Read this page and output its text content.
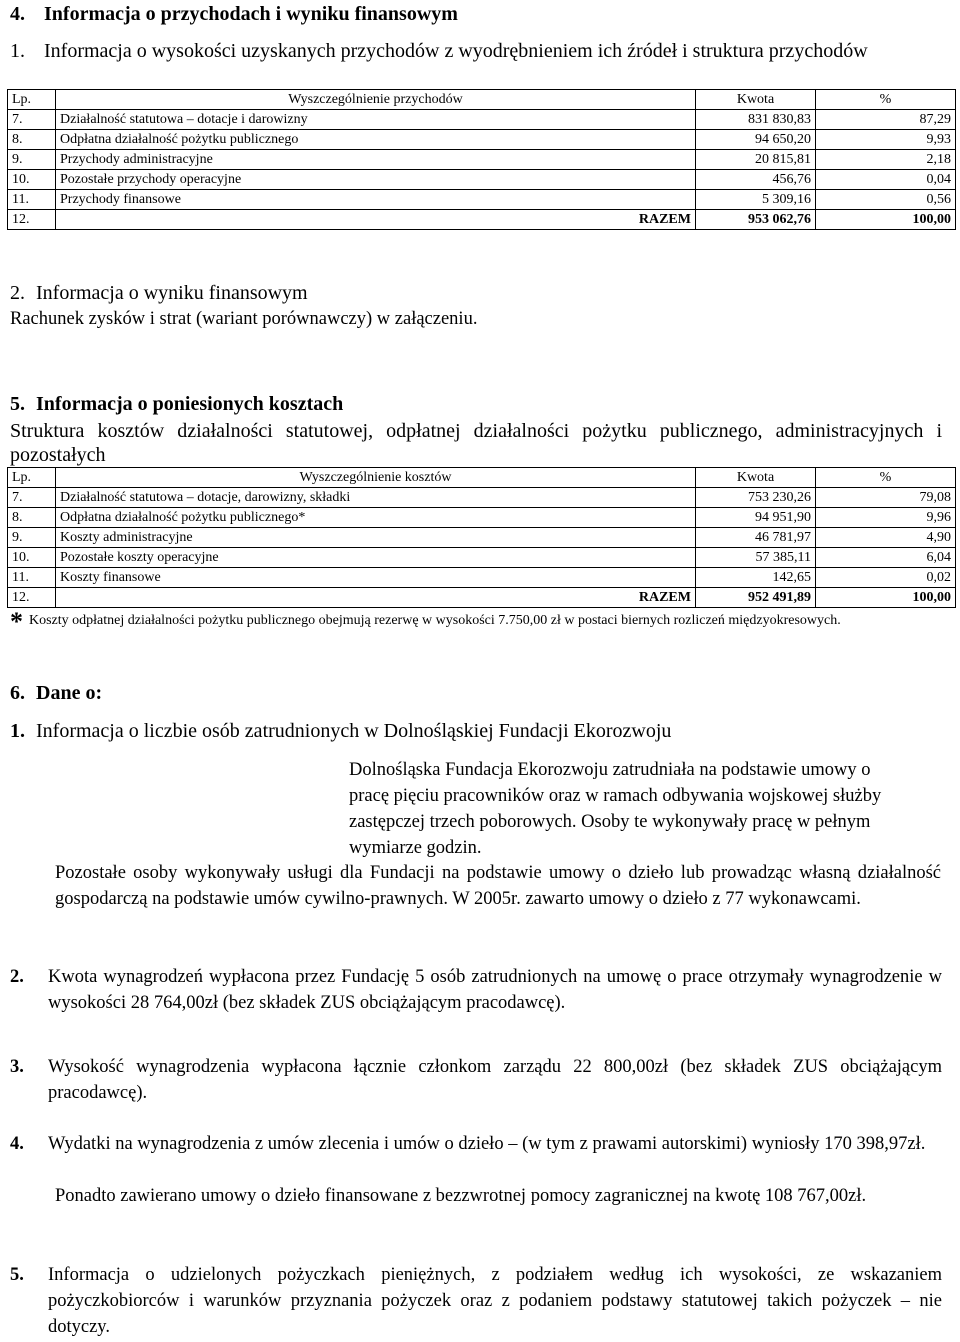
4. Informacja o przychodach i wyniku finansowym
1. Informacja o wysokości uzyskanych przychodów z wyodrębnieniem ich źródeł i struktura przychodów
Lp.	Wyszczególnienie przychodów	Kwota	%
7.	Działalność statutowa – dotacje i darowizny	831 830,83	87,29
8.	Odpłatna działalność pożytku publicznego	94 650,20	9,93
9.	Przychody administracyjne	20 815,81	2,18
10.	Pozostałe przychody operacyjne	456,76	0,04
11.	Przychody finansowe	5 309,16	0,56
12.	RAZEM	953 062,76	100,00
2. Informacja o wyniku finansowym
Rachunek zysków i strat (wariant porównawczy) w załączeniu.
5. Informacja o poniesionych kosztach
Struktura kosztów działalności statutowej, odpłatnej działalności pożytku publicznego, administracyjnych i pozostałych
Lp.	Wyszczególnienie kosztów	Kwota	%
7.	Działalność statutowa – dotacje, darowizny, składki	753 230,26	79,08
8.	Odpłatna działalność pożytku publicznego*	94 951,90	9,96
9.	Koszty administracyjne	46 781,97	4,90
10.	Pozostałe koszty operacyjne	57 385,11	6,04
11.	Koszty finansowe	142,65	0,02
12.	RAZEM	952 491,89	100,00
* Koszty odpłatnej działalności pożytku publicznego obejmują rezerwę w wysokości 7.750,00 zł w postaci biernych rozliczeń międzyokresowych.
6. Dane o:
1. Informacja o liczbie osób zatrudnionych w Dolnośląskiej Fundacji Ekorozwoju
Dolnośląska Fundacja Ekorozwoju zatrudniała na podstawie umowy o pracę pięciu pracowników oraz w ramach odbywania wojskowej służby zastępczej trzech poborowych. Osoby te wykonywały pracę w pełnym wymiarze godzin.
Pozostałe osoby wykonywały usługi dla Fundacji na podstawie umowy o dzieło lub prowadząc własną działalność gospodarczą na podstawie umów cywilno-prawnych. W 2005r. zawarto umowy o dzieło z 77 wykonawcami.
2. Kwota wynagrodzeń wypłacona przez Fundację 5 osób zatrudnionych na umowę o prace otrzymały wynagrodzenie w wysokości 28 764,00zł (bez składek ZUS obciążającym pracodawcę).
3. Wysokość wynagrodzenia wypłacona łącznie członkom zarządu 22 800,00zł (bez składek ZUS obciążającym pracodawcę).
4. Wydatki na wynagrodzenia z umów zlecenia i umów o dzieło – (w tym z prawami autorskimi) wyniosły 170 398,97zł.
Ponadto zawierano umowy o dzieło finansowane z bezzwrotnej pomocy zagranicznej na kwotę 108 767,00zł.
5. Informacja o udzielonych pożyczkach pieniężnych, z podziałem według ich wysokości, ze wskazaniem pożyczkobiorców i warunków przyznania pożyczek oraz z podaniem podstawy statutowej takich pożyczek – nie dotyczy.
